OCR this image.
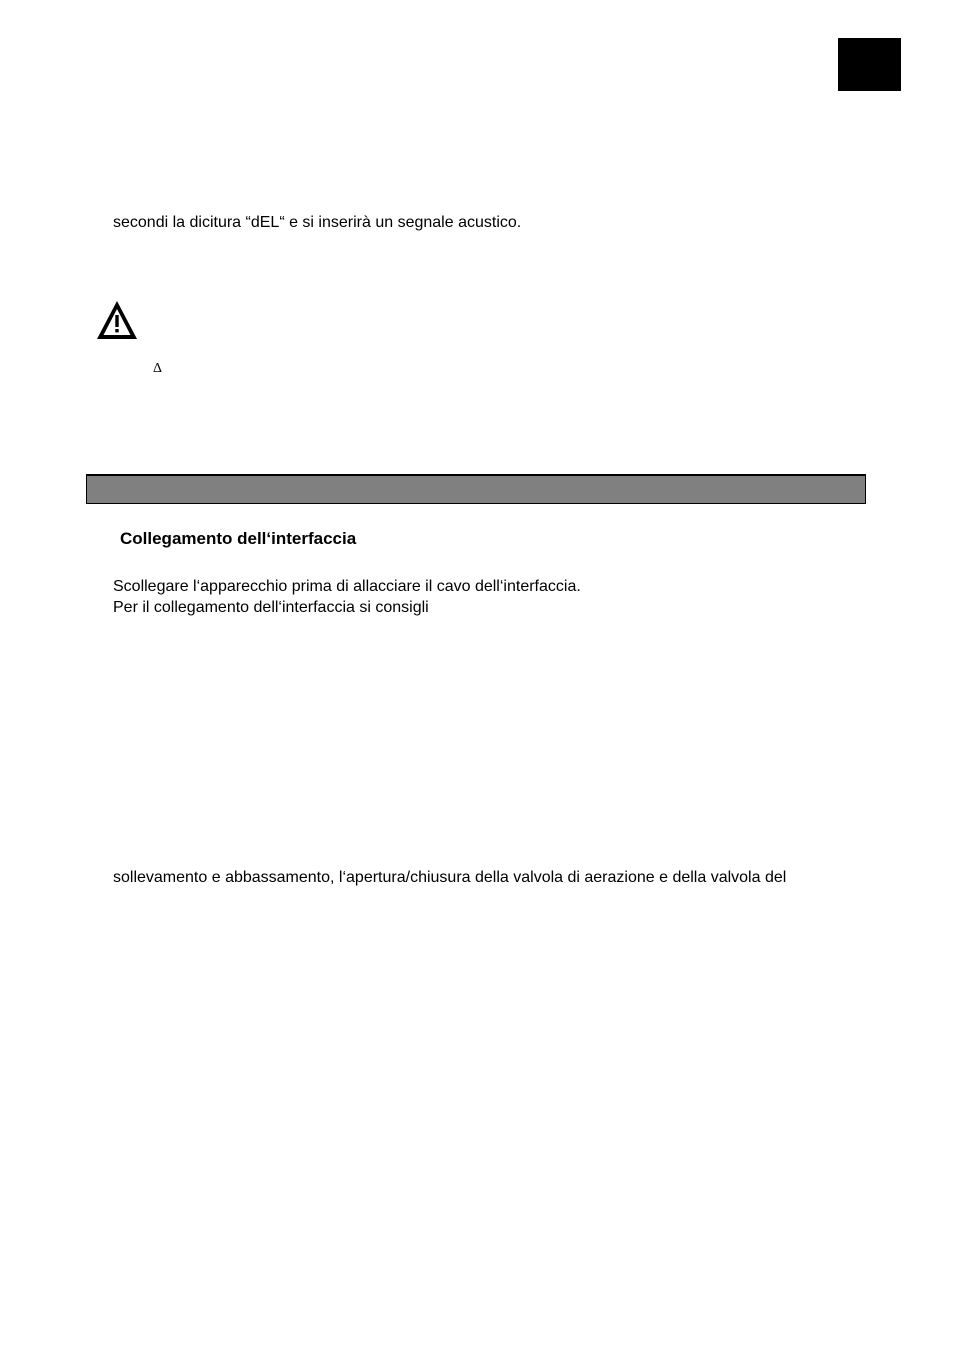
secondi la dicitura “dEL“ e si inserirà un segnale acustico.
Δ
Collegamento dell‘interfaccia
Scollegare l‘apparecchio prima di allacciare il cavo dell‘interfaccia.
Per il collegamento dell‘interfaccia si consigli
sollevamento e abbassamento, l‘apertura/chiusura della valvola di aerazione e della valvola del
